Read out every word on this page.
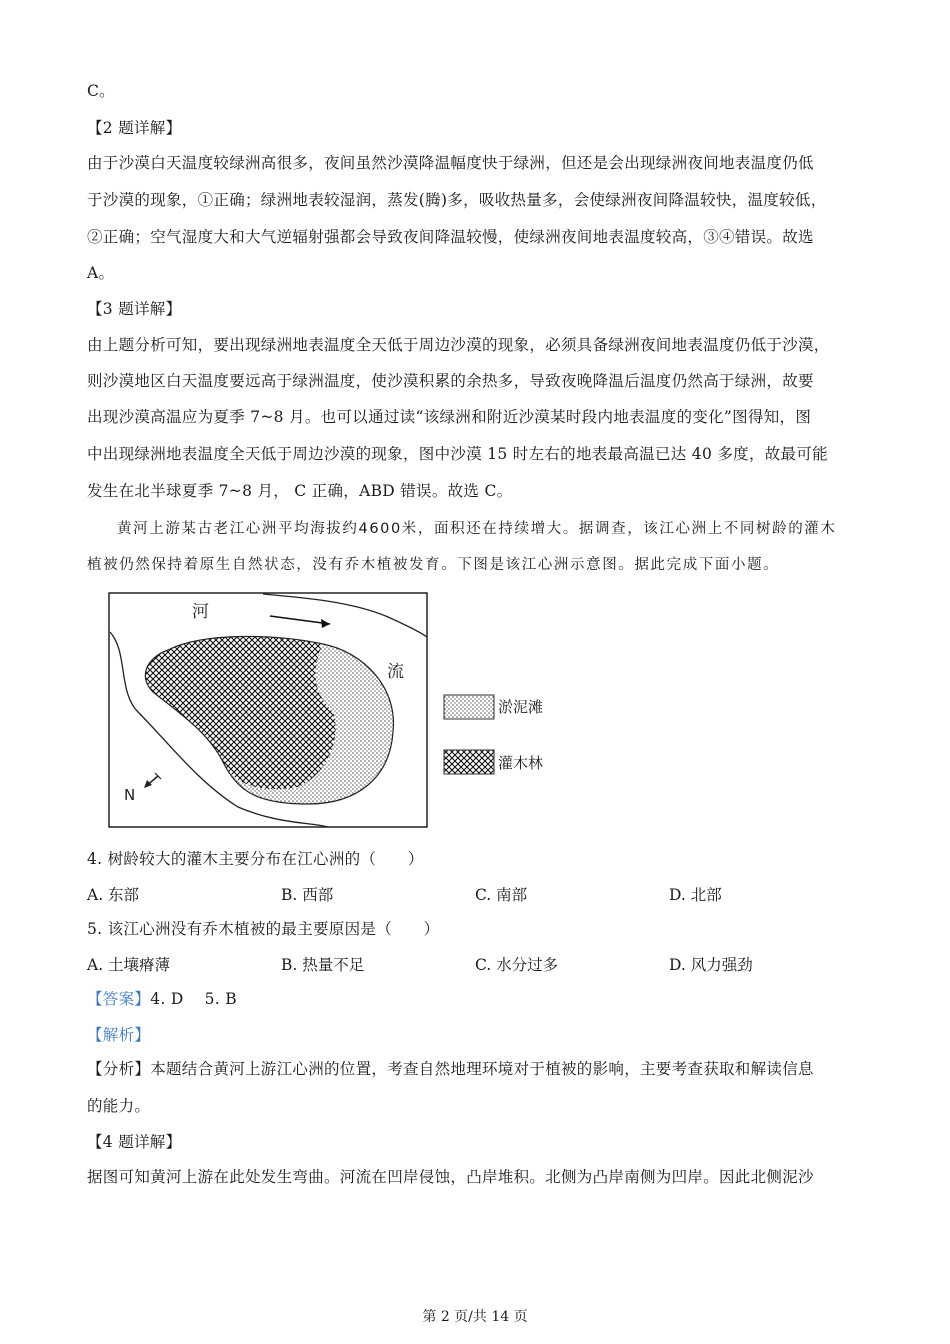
C。
【2 题详解】
由于沙漠白天温度较绿洲高很多，夜间虽然沙漠降温幅度快于绿洲，但还是会出现绿洲夜间地表温度仍低
于沙漠的现象，①正确；绿洲地表较湿润，蒸发(腾)多，吸收热量多，会使绿洲夜间降温较快，温度较低，
②正确；空气湿度大和大气逆辐射强都会导致夜间降温较慢，使绿洲夜间地表温度较高，③④错误。故选
A。
【3 题详解】
由上题分析可知，要出现绿洲地表温度全天低于周边沙漠的现象，必须具备绿洲夜间地表温度仍低于沙漠，
则沙漠地区白天温度要远高于绿洲温度，使沙漠积累的余热多，导致夜晚降温后温度仍然高于绿洲，故要
出现沙漠高温应为夏季 7~8 月。也可以通过读“该绿洲和附近沙漠某时段内地表温度的变化”图得知，图
中出现绿洲地表温度全天低于周边沙漠的现象，图中沙漠 15 时左右的地表最高温已达 40 多度，故最可能
发生在北半球夏季 7~8 月， C 正确，ABD 错误。故选 C。
黄河上游某古老江心洲平均海拔约4600米，面积还在持续增大。据调查，该江心洲上不同树龄的灌木
植被仍然保持着原生自然状态，没有乔木植被发育。下图是该江心洲示意图。据此完成下面小题。
河
流
N
淤泥滩
灌木林
4. 树龄较大的灌木主要分布在江心洲的（　　）
A. 东部	B. 西部	C. 南部	D. 北部
5. 该江心洲没有乔木植被的最主要原因是（　　）
A. 土壤瘠薄	B. 热量不足	C. 水分过多	D. 风力强劲
【答案】4. D　 5. B
【解析】
【分析】本题结合黄河上游江心洲的位置，考查自然地理环境对于植被的影响，主要考查获取和解读信息
的能力。
【4 题详解】
据图可知黄河上游在此处发生弯曲。河流在凹岸侵蚀，凸岸堆积。北侧为凸岸南侧为凹岸。因此北侧泥沙
第 2 页/共 14 页
